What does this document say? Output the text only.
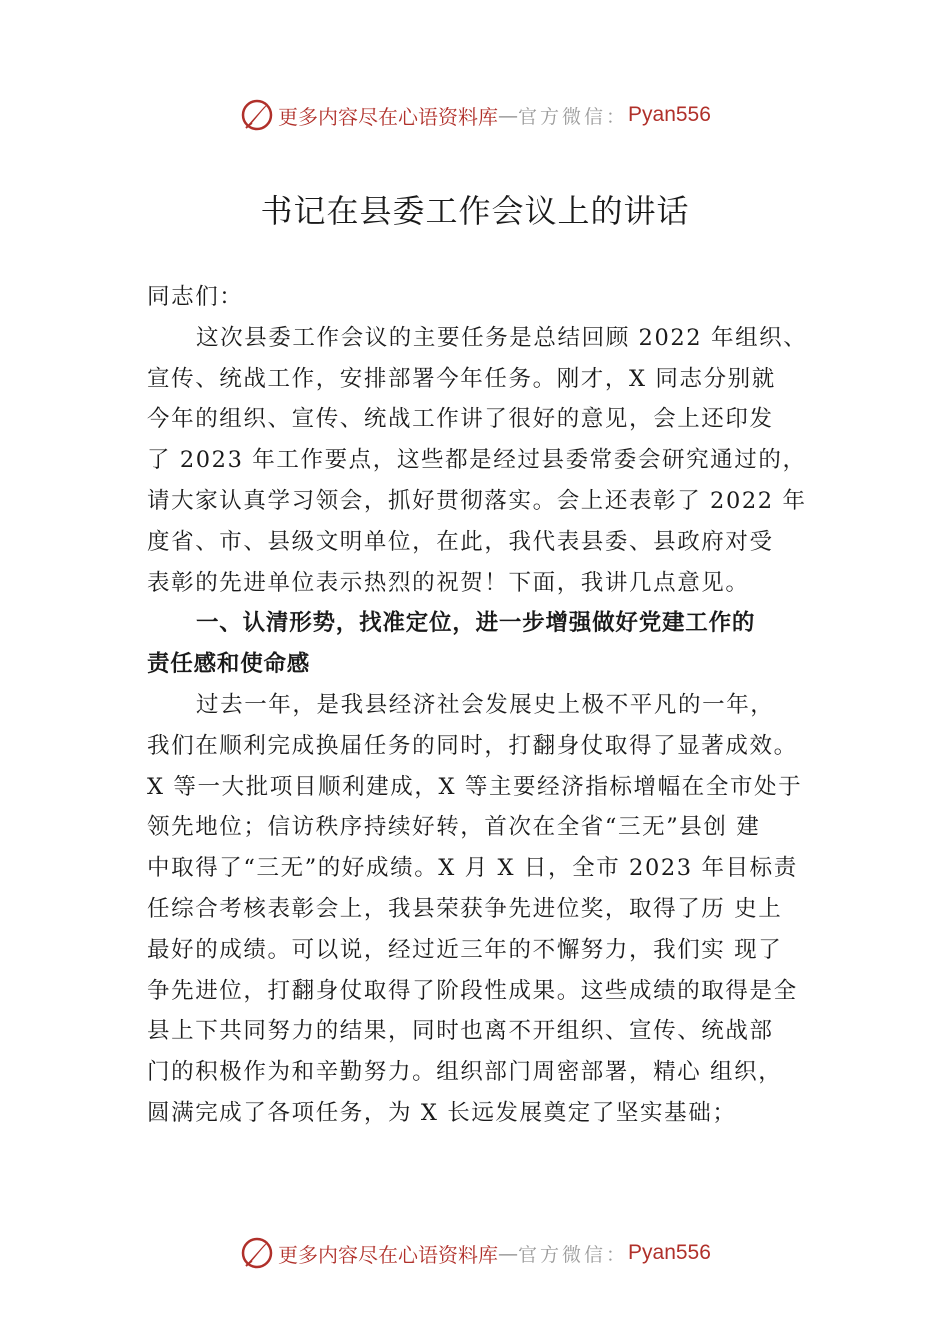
更多内容尽在心语资料库 — 官方微信： Pyan556
书记在县委工作会议上的讲话
同志们：
这次县委工作会议的主要任务是总结回顾 2022 年组织、
宣传、统战工作，安排部署今年任务。刚才，X 同志分别就
今年的组织、宣传、统战工作讲了很好的意见，会上还印发
了 2023 年工作要点，这些都是经过县委常委会研究通过的，
请大家认真学习领会，抓好贯彻落实。会上还表彰了 2022 年
度省、市、县级文明单位，在此，我代表县委、县政府对受
表彰的先进单位表示热烈的祝贺！下面，我讲几点意见。
一、认清形势，找准定位，进一步增强做好党建工作的
责任感和使命感
过去一年，是我县经济社会发展史上极不平凡的一年，
我们在顺利完成换届任务的同时，打翻身仗取得了显著成效。
X 等一大批项目顺利建成，X 等主要经济指标增幅在全市处于
领先地位；信访秩序持续好转，首次在全省“三无”县创 建
中取得了“三无”的好成绩。X 月 X 日，全市 2023 年目标责
任综合考核表彰会上，我县荣获争先进位奖，取得了历 史上
最好的成绩。可以说，经过近三年的不懈努力，我们实 现了
争先进位，打翻身仗取得了阶段性成果。这些成绩的取得是全
县上下共同努力的结果，同时也离不开组织、宣传、统战部
门的积极作为和辛勤努力。组织部门周密部署，精心 组织，
圆满完成了各项任务，为 X 长远发展奠定了坚实基础；
更多内容尽在心语资料库 — 官方微信： Pyan556
